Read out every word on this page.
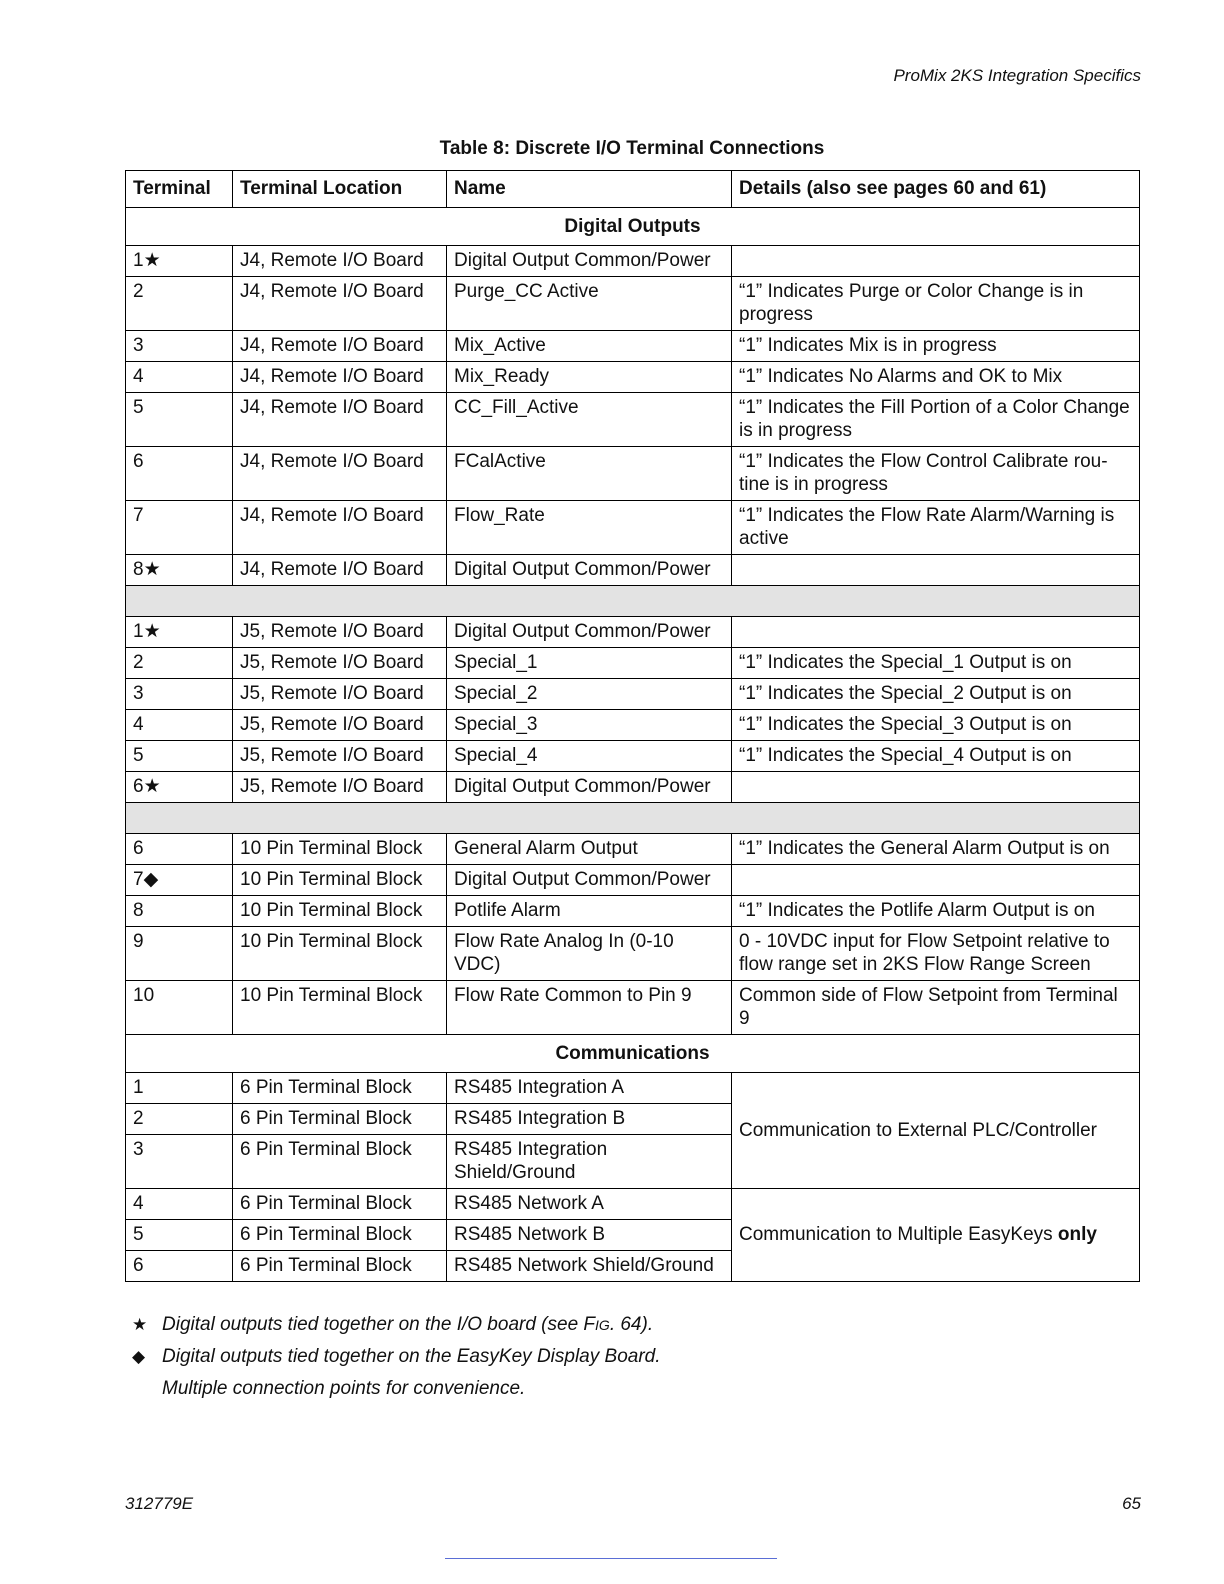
ProMix 2KS Integration Specifics
Table 8: Discrete I/O Terminal Connections
Terminal	Terminal Location	Name	Details (also see pages 60 and 61)
Digital Outputs			
1★	J4, Remote I/O Board	Digital Output Common/Power	
2	J4, Remote I/O Board	Purge_CC Active	“1” Indicates Purge or Color Change is in progress
3	J4, Remote I/O Board	Mix_Active	“1” Indicates Mix is in progress
4	J4, Remote I/O Board	Mix_Ready	“1” Indicates No Alarms and OK to Mix
5	J4, Remote I/O Board	CC_Fill_Active	“1” Indicates the Fill Portion of a Color Change is in progress
6	J4, Remote I/O Board	FCalActive	“1” Indicates the Flow Control Calibrate rou-tine is in progress
7	J4, Remote I/O Board	Flow_Rate	“1” Indicates the Flow Rate Alarm/Warning is active
8★	J4, Remote I/O Board	Digital Output Common/Power	

1★	J5, Remote I/O Board	Digital Output Common/Power	
2	J5, Remote I/O Board	Special_1	“1” Indicates the Special_1 Output is on
3	J5, Remote I/O Board	Special_2	“1” Indicates the Special_2 Output is on
4	J5, Remote I/O Board	Special_3	“1” Indicates the Special_3 Output is on
5	J5, Remote I/O Board	Special_4	“1” Indicates the Special_4 Output is on
6★	J5, Remote I/O Board	Digital Output Common/Power	

6	10 Pin Terminal Block	General Alarm Output	“1” Indicates the General Alarm Output is on
7◆	10 Pin Terminal Block	Digital Output Common/Power	
8	10 Pin Terminal Block	Potlife Alarm	“1” Indicates the Potlife Alarm Output is on
9	10 Pin Terminal Block	Flow Rate Analog In (0-10 VDC)	0 - 10VDC input for Flow Setpoint relative to flow range set in 2KS Flow Range Screen
10	10 Pin Terminal Block	Flow Rate Common to Pin 9	Common side of Flow Setpoint from Terminal 9
Communications			
1	6 Pin Terminal Block	RS485 Integration A	Communication to External PLC/Controller
2	6 Pin Terminal Block	RS485 Integration B	
3	6 Pin Terminal Block	RS485 Integration Shield/Ground	
4	6 Pin Terminal Block	RS485 Network A	Communication to Multiple EasyKeys only
5	6 Pin Terminal Block	RS485 Network B	
6	6 Pin Terminal Block	RS485 Network Shield/Ground	
★ Digital outputs tied together on the I/O board (see FIG. 64).
◆ Digital outputs tied together on the EasyKey Display Board.
Multiple connection points for convenience.
312779E	65
